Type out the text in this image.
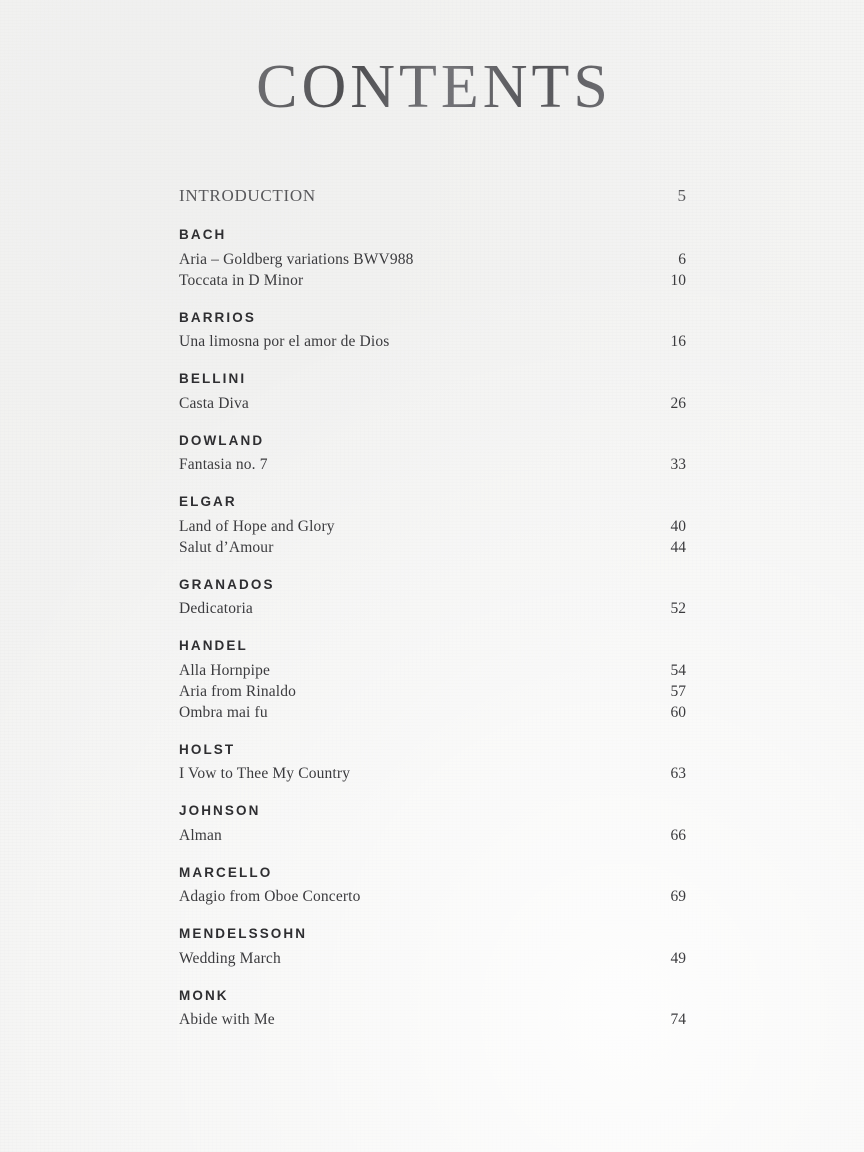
CONTENTS
INTRODUCTION	5
BACH
Aria – Goldberg variations BWV988	6
Toccata in D Minor	10
BARRIOS
Una limosna por el amor de Dios	16
BELLINI
Casta Diva	26
DOWLAND
Fantasia no. 7	33
ELGAR
Land of Hope and Glory	40
Salut d’Amour	44
GRANADOS
Dedicatoria	52
HANDEL
Alla Hornpipe	54
Aria from Rinaldo	57
Ombra mai fu	60
HOLST
I Vow to Thee My Country	63
JOHNSON
Alman	66
MARCELLO
Adagio from Oboe Concerto	69
MENDELSSOHN
Wedding March	49
MONK
Abide with Me	74
